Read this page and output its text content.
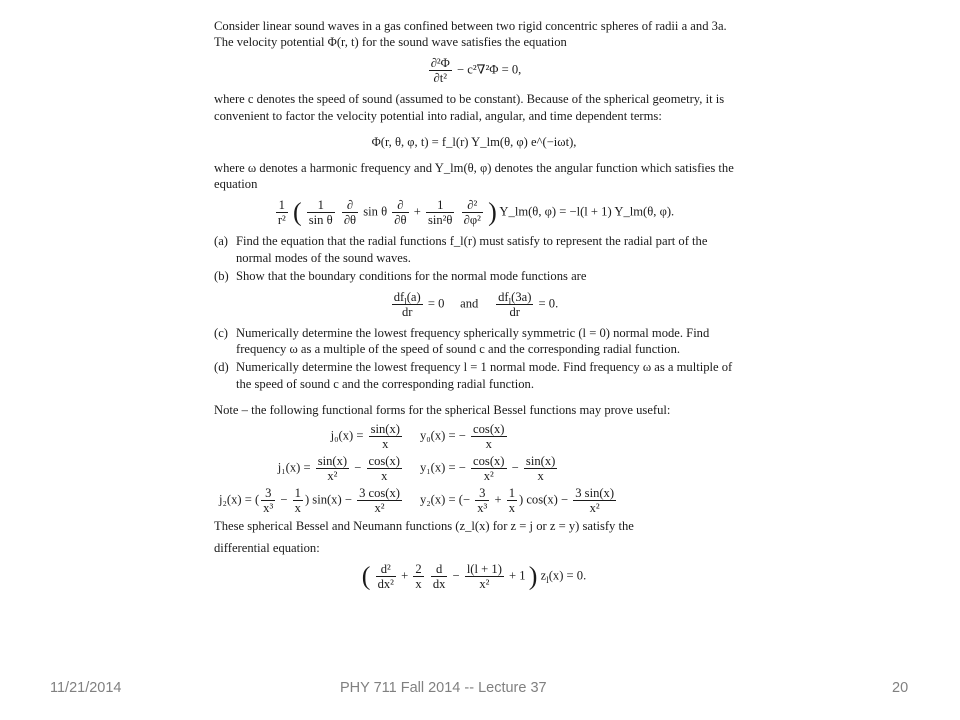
Consider linear sound waves in a gas confined between two rigid concentric spheres of radii a and 3a. The velocity potential Φ(r, t) for the sound wave satisfies the equation

$\frac{\text{∂²Φ}}{\text{∂t²}} - c^2\nabla^2\Phi = 0$,

where c denotes the speed of sound (assumed to be constant). Because of the spherical geometry, it is convenient to factor the velocity potential into radial, angular, and time dependent terms:

Φ(r, θ, φ, t) = f_l(r) Y_lm(θ, φ) e^(−iωt),

where ω denotes a harmonic frequency and Y_lm(θ, φ) denotes the angular function which satisfies the equation

$\frac{1}{\text{r²}}$ ( $\frac{1}{\text{sin θ}}$
$\frac{\partial}{\partial\theta}$ sin θ $\frac{\partial}{\partial\theta} + \frac{1}{\text{sin²θ}}$
$\frac{\text{∂²}}{\text{∂φ²}}$ ) Y_lm(θ, φ) = −l(l + 1) Y_lm(θ, φ).
(a) Find the equation that the radial functions f_l(r) must satisfy to represent the radial part of the normal modes of the sound waves.
(b) Show that the boundary conditions for the normal mode functions are
$\frac{df_l(a)}{dr} = 0$     and $\frac{df_l(3a)}{dr} = 0$.
(c) Numerically determine the lowest frequency spherically symmetric (l = 0) normal mode. Find frequency ω as a multiple of the speed of sound c and the corresponding radial function.
(d) Numerically determine the lowest frequency l = 1 normal mode. Find frequency ω as a multiple of the speed of sound c and the corresponding radial function.

Note – the following functional forms for the spherical Bessel functions may prove useful:

$j_0(x) = \frac{\sin(x)}{x} y_0(x)$ = − $\frac{\cos(x)}{x}$
$j_1(x) = \frac{\sin(x)}{\text{x²}} - \frac{\cos(x)}{x} y_1(x)$ = − $\frac{\cos(x)}{\text{x²}} - \frac{\sin(x)}{x}$
j₂(x) = ( $\frac{3}{\text{x³}} - \frac{1}{x}$ ) $\sin(x) - \frac{3 \cos(x)}{\text{x²}} y_2(x)$ = (− $\frac{3}{\text{x³}} + \frac{1}{x}$ ) $\cos(x) - \frac{3 \sin(x)}{\text{x²}}$

These spherical Bessel and Neumann functions (z_l(x) for z = j or z = y) satisfy the

differential equation:

( $\frac{\text{d²}}{\text{dx²}} + \frac{2}{x}$
$\frac{d}{dx} - \frac{l(l + 1)}{\text{x²}} + 1$ ) $z_l(x) = 0$.
11/21/2014	PHY 711 Fall 2014 -- Lecture 37	20
